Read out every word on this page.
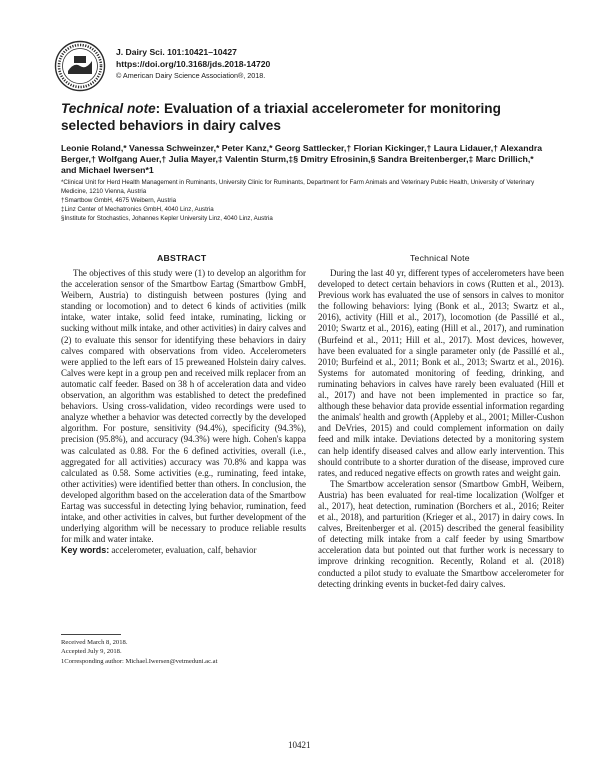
J. Dairy Sci. 101:10421–10427
https://doi.org/10.3168/jds.2018-14720
© American Dairy Science Association®, 2018.
Technical note: Evaluation of a triaxial accelerometer for monitoring selected behaviors in dairy calves
Leonie Roland,* Vanessa Schweinzer,* Peter Kanz,* Georg Sattlecker,† Florian Kickinger,† Laura Lidauer,† Alexandra Berger,† Wolfgang Auer,† Julia Mayer,‡ Valentin Sturm,‡§ Dmitry Efrosinin,§ Sandra Breitenberger,‡ Marc Drillich,* and Michael Iwersen*1
*Clinical Unit for Herd Health Management in Ruminants, University Clinic for Ruminants, Department for Farm Animals and Veterinary Public Health, University of Veterinary Medicine, 1210 Vienna, Austria
†Smartbow GmbH, 4675 Weibern, Austria
‡Linz Center of Mechatronics GmbH, 4040 Linz, Austria
§Institute for Stochastics, Johannes Kepler University Linz, 4040 Linz, Austria
ABSTRACT	Technical Note

The objectives of this study were (1) to develop an algorithm for the acceleration sensor of the Smartbow Eartag (Smartbow GmbH, Weibern, Austria) to distinguish between postures (lying and standing or locomotion) and to detect 6 kinds of activities (milk intake, water intake, solid feed intake, ruminating, licking or sucking without milk intake, and other activities) in dairy calves and (2) to evaluate this sensor for identifying these behaviors in dairy calves compared with observations from video. Accelerometers were applied to the left ears of 15 preweaned Holstein dairy calves. Calves were kept in a group pen and received milk replacer from an automatic calf feeder. Based on 38 h of acceleration data and video observation, an algorithm was established to detect the predefined behaviors. Using cross-validation, video recordings were used to analyze whether a behavior was detected correctly by the developed algorithm. For posture, sensitivity (94.4%), specificity (94.3%), precision (95.8%), and accuracy (94.3%) were high. Cohen's kappa was calculated as 0.88. For the 6 defined activities, overall (i.e., aggregated for all activities) accuracy was 70.8% and kappa was calculated as 0.58. Some activities (e.g., ruminating, feed intake, other activities) were identified better than others. In conclusion, the developed algorithm based on the acceleration data of the Smartbow Eartag was successful in detecting lying behavior, rumination, feed intake, and other activities in calves, but further development of the underlying algorithm will be necessary to produce reliable results for milk and water intake.

Key words: accelerometer, evaluation, calf, behavior

During the last 40 yr, different types of accelerometers have been developed to detect certain behaviors in cows (Rutten et al., 2013). Previous work has evaluated the use of sensors in calves to monitor the following behaviors: lying (Bonk et al., 2013; Swartz et al., 2016), activity (Hill et al., 2017), locomotion (de Passillé et al., 2010; Swartz et al., 2016), eating (Hill et al., 2017), and rumination (Burfeind et al., 2011; Hill et al., 2017). Most devices, however, have been evaluated for a single parameter only (de Passillé et al., 2010; Burfeind et al., 2011; Bonk et al., 2013; Swartz et al., 2016). Systems for automated monitoring of feeding, drinking, and ruminating behaviors in calves have rarely been evaluated (Hill et al., 2017) and have not been implemented in practice so far, although these behavior data provide essential information regarding the animals' health and growth (Appleby et al., 2001; Miller-Cushon and DeVries, 2015) and could complement information on daily feed and milk intake. Deviations detected by a monitoring system can help identify diseased calves and allow early intervention. This should contribute to a shorter duration of the disease, improved cure rates, and reduced negative effects on growth rates and weight gain.

The Smartbow acceleration sensor (Smartbow GmbH, Weibern, Austria) has been evaluated for real-time localization (Wolfger et al., 2017), heat detection, rumination (Borchers et al., 2016; Reiter et al., 2018), and parturition (Krieger et al., 2017) in dairy cows. In calves, Breitenberger et al. (2015) described the general feasibility of detecting milk intake from a calf feeder by using Smartbow acceleration data but pointed out that further work is necessary to improve drinking recognition. Recently, Roland et al. (2018) conducted a pilot study to evaluate the Smartbow accelerometer for detecting drinking events in bucket-fed dairy calves.

Received March 8, 2018.
Accepted July 9, 2018.
1Corresponding author: Michael.Iwersen@vetmeduni.ac.at
10421
